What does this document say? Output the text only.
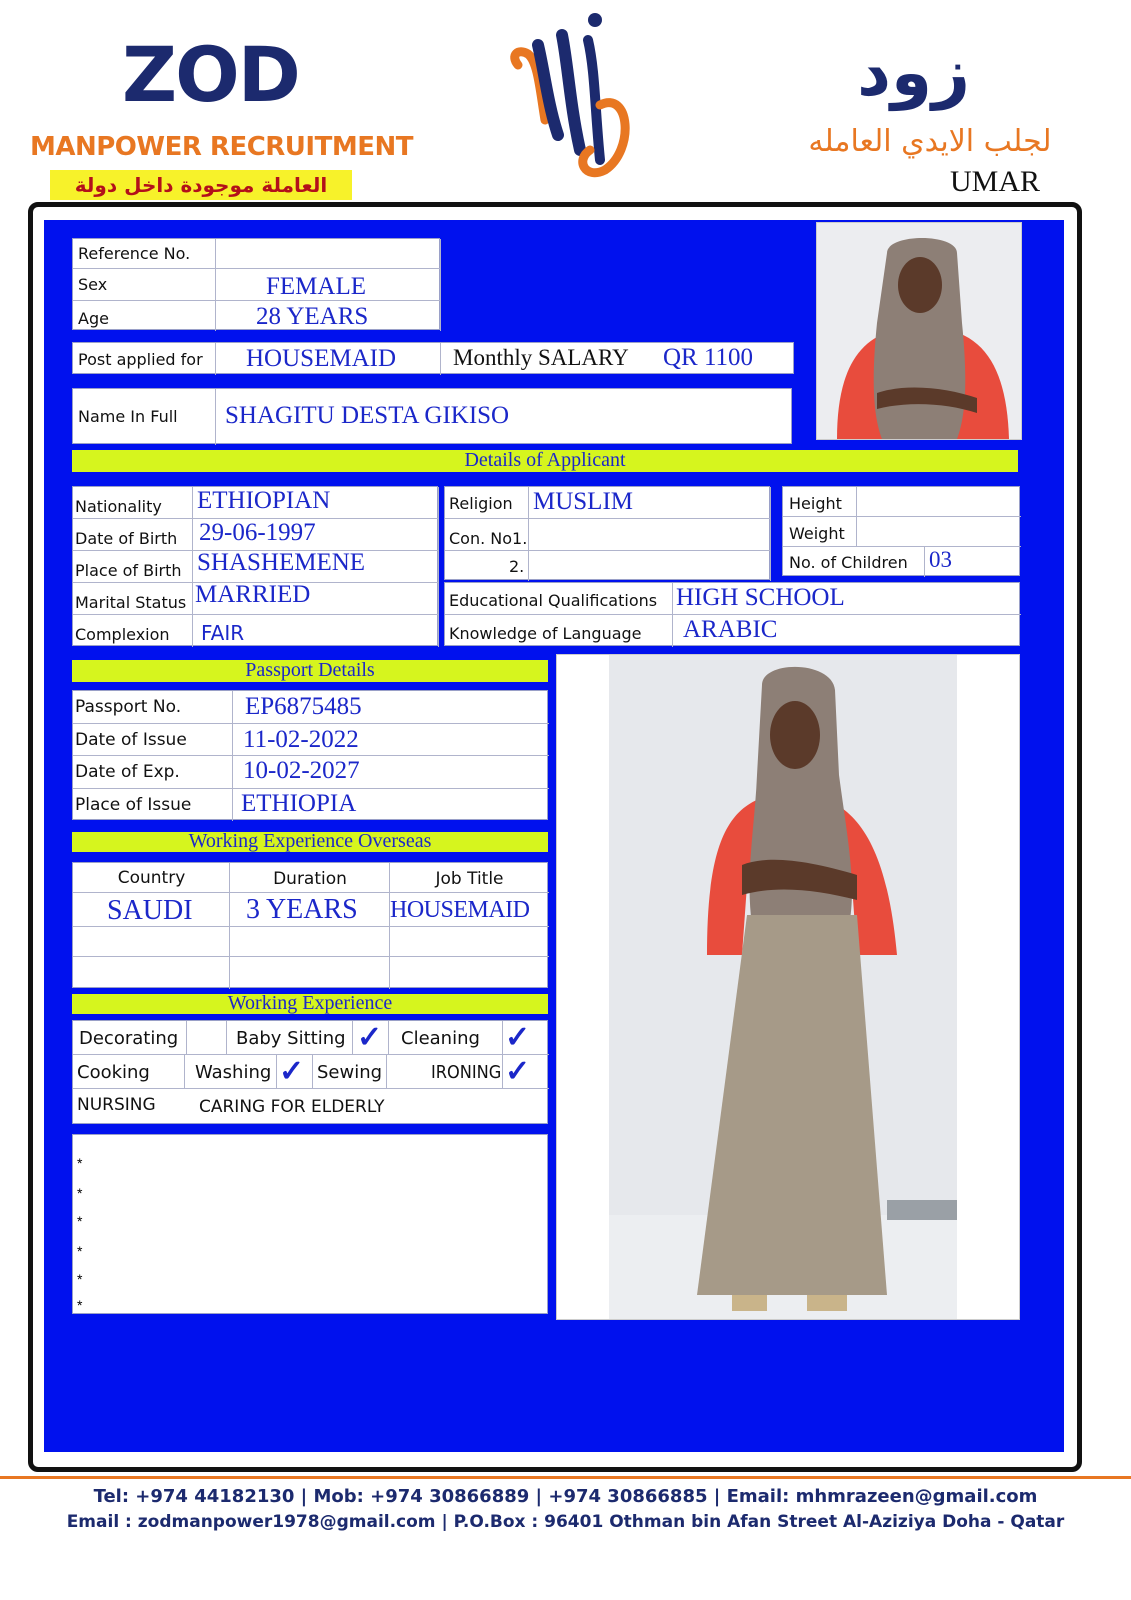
ZOD
MANPOWER RECRUITMENT
العاملة موجودة داخل دولة
زود
لجلب الايدي العامله
UMAR
Reference No.
Sex	FEMALE
Age	28 YEARS
Post applied for HOUSEMAID Monthly SALARY QR 1100
Name In Full SHAGITU DESTA GIKISO
Details of Applicant
Nationality ETHIOPIAN
Date of Birth 29-06-1997
Place of Birth SHASHEMENE
Marital Status MARRIED
Complexion FAIR
Religion MUSLIM
Con. No1.
2.
Height
Weight
No. of Children 03
Educational Qualifications HIGH SCHOOL
Knowledge of Language ARABIC
Passport Details
Passport No.	EP6875485
Date of Issue 11-02-2022
Date of Exp.	10-02-2027
Place of Issue ETHIOPIA
Working Experience Overseas
Country	Duration	Job Title
SAUDI 3 YEARS HOUSEMAID
Working Experience
Decorating	Baby Sitting ✓ Cleaning ✓
Cooking	Washing ✓ Sewing	IRONING ✓
NURSING	CARING FOR ELDERLY
*
*
*
*
*
*
Tel: +974 44182130 | Mob: +974 30866889 | +974 30866885 | Email: mhmrazeen@gmail.com
Email : zodmanpower1978@gmail.com | P.O.Box : 96401 Othman bin Afan Street Al-Aziziya Doha - Qatar
